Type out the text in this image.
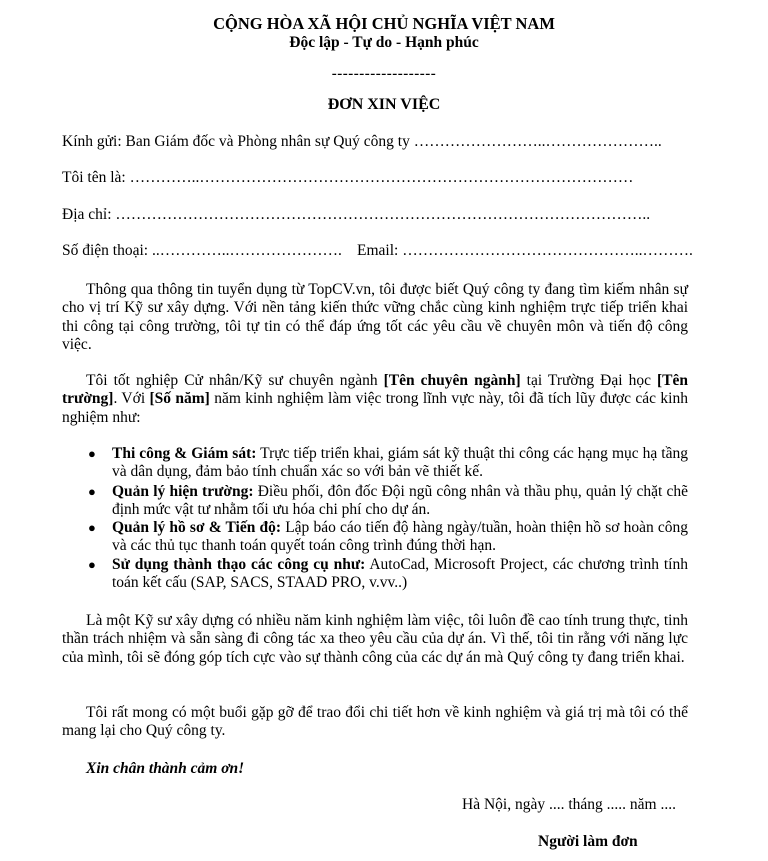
CỘNG HÒA XÃ HỘI CHỦ NGHĨA VIỆT NAM
Độc lập - Tự do - Hạnh phúc
-------------------
ĐƠN XIN VIỆC
Kính gửi: Ban Giám đốc và Phòng nhân sự Quý công ty ……………………..…………………..
Tôi tên là: …………..…………………………………………………………………………
Địa chỉ: …………………………………………………………………………………………..
Số điện thoại: ..…………..…………………. Email: ………………………………………..……….

Thông qua thông tin tuyển dụng từ TopCV.vn, tôi được biết Quý công ty đang tìm kiếm nhân sự cho vị trí Kỹ sư xây dựng. Với nền tảng kiến thức vững chắc cùng kinh nghiệm trực tiếp triển khai thi công tại công trường, tôi tự tin có thể đáp ứng tốt các yêu cầu về chuyên môn và tiến độ công việc.

Tôi tốt nghiệp Cử nhân/Kỹ sư chuyên ngành [Tên chuyên ngành] tại Trường Đại học [Tên trường]. Với [Số năm] năm kinh nghiệm làm việc trong lĩnh vực này, tôi đã tích lũy được các kinh nghiệm như:

● Thi công & Giám sát: Trực tiếp triển khai, giám sát kỹ thuật thi công các hạng mục hạ tầng và dân dụng, đảm bảo tính chuẩn xác so với bản vẽ thiết kế.
● Quản lý hiện trường: Điều phối, đôn đốc Đội ngũ công nhân và thầu phụ, quản lý chặt chẽ định mức vật tư nhằm tối ưu hóa chi phí cho dự án.
● Quản lý hồ sơ & Tiến độ: Lập báo cáo tiến độ hàng ngày/tuần, hoàn thiện hồ sơ hoàn công và các thủ tục thanh toán quyết toán công trình đúng thời hạn.
● Sử dụng thành thạo các công cụ như: AutoCad, Microsoft Project, các chương trình tính toán kết cấu (SAP, SACS, STAAD PRO, v.vv..)

Là một Kỹ sư xây dựng có nhiều năm kinh nghiệm làm việc, tôi luôn đề cao tính trung thực, tinh thần trách nhiệm và sẵn sàng đi công tác xa theo yêu cầu của dự án. Vì thế, tôi tin rằng với năng lực của mình, tôi sẽ đóng góp tích cực vào sự thành công của các dự án mà Quý công ty đang triển khai.

Tôi rất mong có một buổi gặp gỡ để trao đổi chi tiết hơn về kinh nghiệm và giá trị mà tôi có thể mang lại cho Quý công ty.

Xin chân thành cảm ơn!
Hà Nội, ngày .... tháng ..... năm ....
Người làm đơn
